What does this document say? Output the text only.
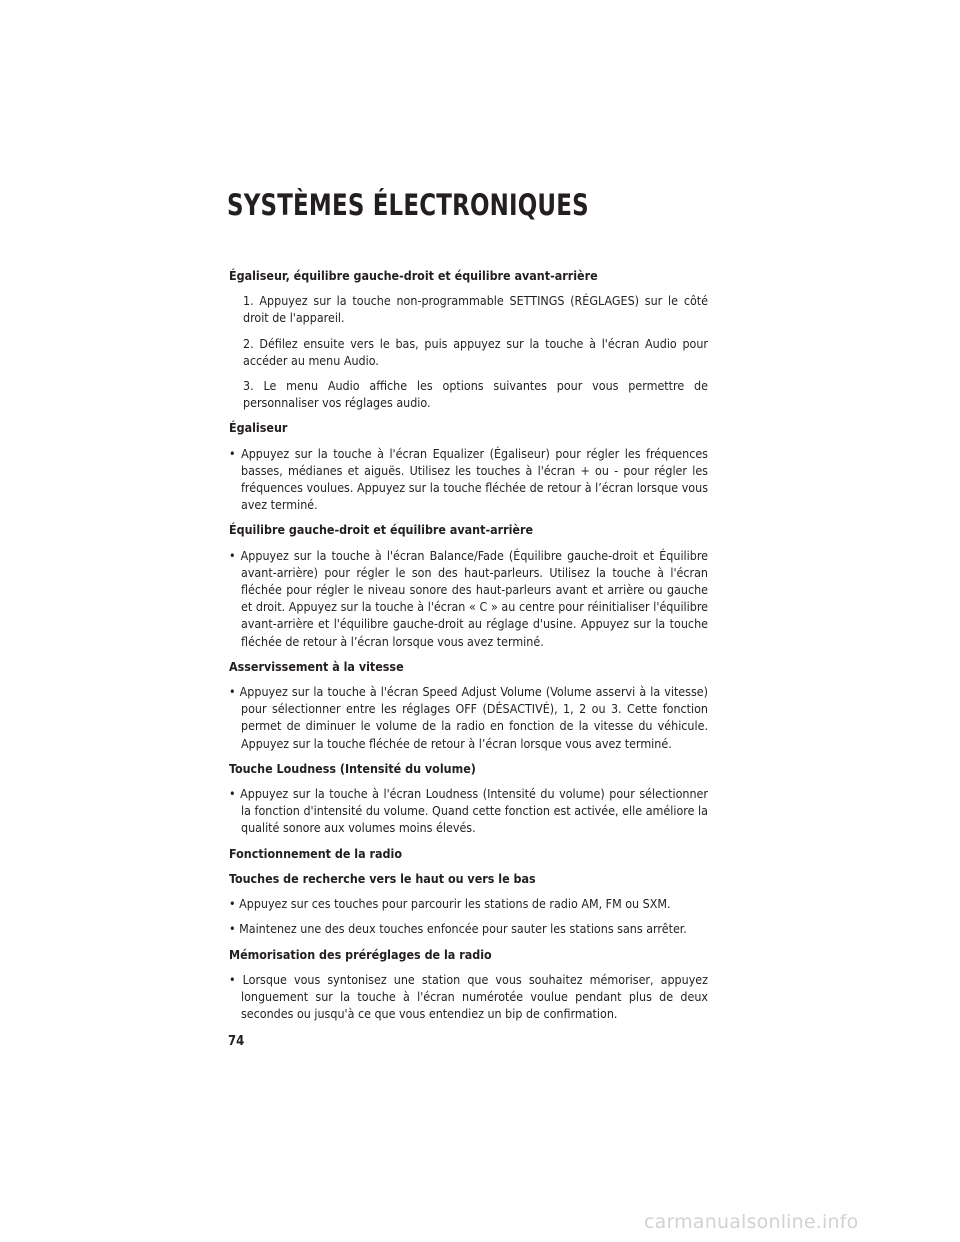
SYSTÈMES ÉLECTRONIQUES
Égaliseur, équilibre gauche-droit et équilibre avant-arrière
1. Appuyez sur la touche non-programmable SETTINGS (RÉGLAGES) sur le côté droit de l'appareil.
2. Défilez ensuite vers le bas, puis appuyez sur la touche à l'écran Audio pour accéder au menu Audio.
3. Le menu Audio affiche les options suivantes pour vous permettre de personnaliser vos réglages audio.
Égaliseur
• Appuyez sur la touche à l'écran Equalizer (Égaliseur) pour régler les fréquences basses, médianes et aiguës. Utilisez les touches à l'écran + ou - pour régler les fréquences voulues. Appuyez sur la touche fléchée de retour à l’écran lorsque vous avez terminé.
Équilibre gauche-droit et équilibre avant-arrière
• Appuyez sur la touche à l'écran Balance/Fade (Équilibre gauche-droit et Équilibre avant-arrière) pour régler le son des haut-parleurs. Utilisez la touche à l'écran fléchée pour régler le niveau sonore des haut-parleurs avant et arrière ou gauche et droit. Appuyez sur la touche à l'écran « C » au centre pour réinitialiser l'équilibre avant-arrière et l'équilibre gauche-droit au réglage d'usine. Appuyez sur la touche fléchée de retour à l’écran lorsque vous avez terminé.
Asservissement à la vitesse
• Appuyez sur la touche à l'écran Speed Adjust Volume (Volume asservi à la vitesse) pour sélectionner entre les réglages OFF (DÉSACTIVÉ), 1, 2 ou 3. Cette fonction permet de diminuer le volume de la radio en fonction de la vitesse du véhicule. Appuyez sur la touche fléchée de retour à l’écran lorsque vous avez terminé.
Touche Loudness (Intensité du volume)
• Appuyez sur la touche à l'écran Loudness (Intensité du volume) pour sélectionner la fonction d'intensité du volume. Quand cette fonction est activée, elle améliore la qualité sonore aux volumes moins élevés.
Fonctionnement de la radio
Touches de recherche vers le haut ou vers le bas
• Appuyez sur ces touches pour parcourir les stations de radio AM, FM ou SXM.
• Maintenez une des deux touches enfoncée pour sauter les stations sans arrêter.
Mémorisation des préréglages de la radio
• Lorsque vous syntonisez une station que vous souhaitez mémoriser, appuyez longuement sur la touche à l'écran numérotée voulue pendant plus de deux secondes ou jusqu'à ce que vous entendiez un bip de confirmation.
74
carmanualsonline.info
